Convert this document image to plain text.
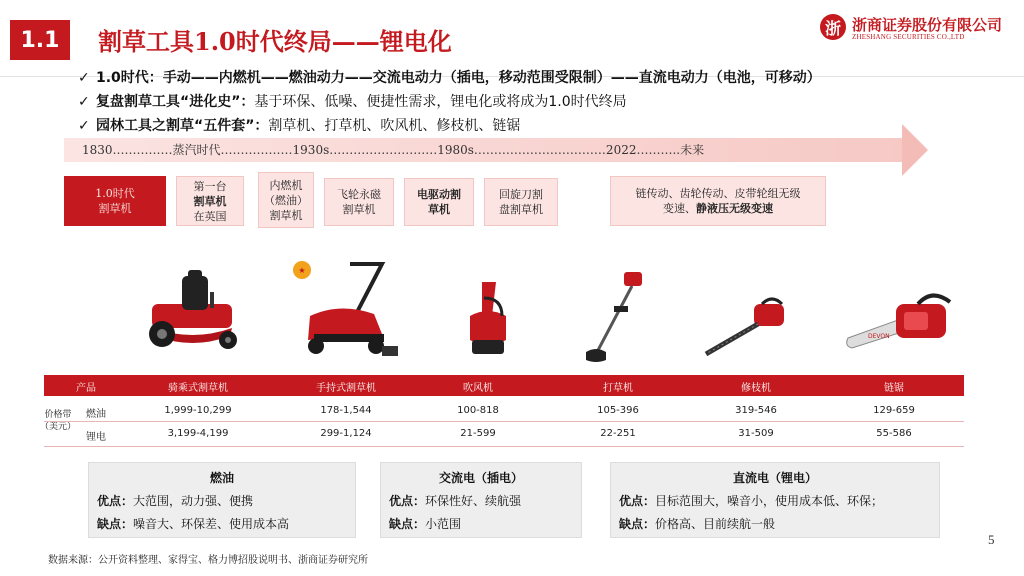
1.1	割草工具1.0时代终局——锂电化	浙 浙商证券股份有限公司
ZHESHANG SECURITIES CO.,LTD
✓ 1.0时代：手动——内燃机——燃油动力——交流电动力（插电，移动范围受限制）——直流电动力（电池，可移动）
✓ 复盘割草工具“进化史”：基于环保、低噪、便捷性需求，锂电化或将成为1.0时代终局
✓ 园林工具之割草“五件套”：割草机、打草机、吹风机、修枝机、链锯
1830……………蒸汽时代………………1930s………………………1980s……………………………2022………..未来
1.0时代
割草机
第一台
割草机
在英国
内燃机
（燃油）
割草机
飞轮永磁
割草机
电驱动割
草机
回旋刀割
盘割草机
链传动、齿轮传动、皮带轮组无级
变速、静液压无级变速
★
DEVON
产品	骑乘式割草机	手持式割草机	吹风机	打草机	修枝机	链锯
价格带
（美元）
燃油	1,999-10,299	178-1,544	100-818	105-396	319-546	129-659
锂电	3,199-4,199	299-1,124	21-599	22-251	31-509	55-586
燃油
优点：大范围，动力强、便携
缺点：噪音大、环保差、使用成本高
交流电（插电）
优点：环保性好、续航强
缺点：小范围
直流电（锂电）
优点：目标范围大，噪音小，使用成本低、环保；
缺点：价格高、目前续航一般
数据来源：公开资料整理、家得宝、格力博招股说明书、浙商证券研究所
5
